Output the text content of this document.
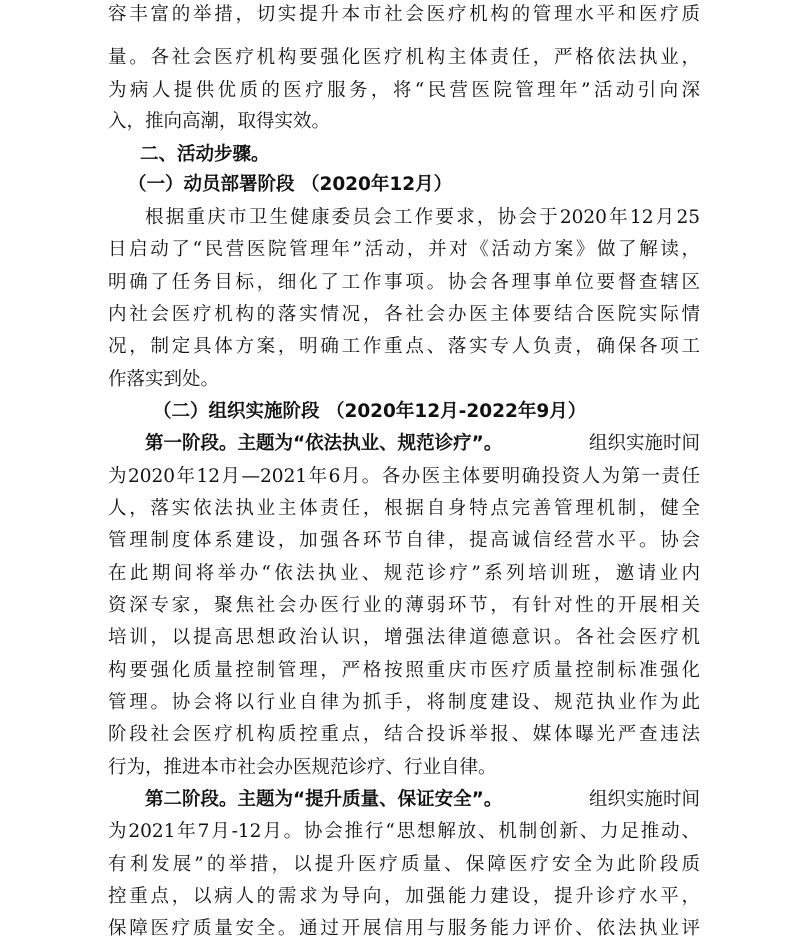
容丰富的举措，切实提升本市社会医疗机构的管理水平和医疗质
量。各社会医疗机构要强化医疗机构主体责任，严格依法执业，
为病人提供优质的医疗服务，将“民营医院管理年”活动引向深
入，推向高潮，取得实效。
二、活动步骤。
（一）动员部署阶段 （2020年12月）
根据重庆市卫生健康委员会工作要求，协会于2020年12月25
日启动了“民营医院管理年”活动，并对《活动方案》做了解读，
明确了任务目标，细化了工作事项。协会各理事单位要督查辖区
内社会医疗机构的落实情况，各社会办医主体要结合医院实际情
况，制定具体方案，明确工作重点、落实专人负责，确保各项工
作落实到处。
（二）组织实施阶段 （2020年12月-2022年9月）
第一阶段。主题为“依法执业、规范诊疗”。	组织实施时间
为2020年12月—2021年6月。各办医主体要明确投资人为第一责任
人，落实依法执业主体责任，根据自身特点完善管理机制，健全
管理制度体系建设，加强各环节自律，提高诚信经营水平。协会
在此期间将举办“依法执业、规范诊疗”系列培训班，邀请业内
资深专家，聚焦社会办医行业的薄弱环节，有针对性的开展相关
培训，以提高思想政治认识，增强法律道德意识。各社会医疗机
构要强化质量控制管理，严格按照重庆市医疗质量控制标准强化
管理。协会将以行业自律为抓手，将制度建设、规范执业作为此
阶段社会医疗机构质控重点，结合投诉举报、媒体曝光严查违法
行为，推进本市社会办医规范诊疗、行业自律。
第二阶段。主题为“提升质量、保证安全”。	组织实施时间
为2021年7月-12月。协会推行“思想解放、机制创新、力足推动、
有利发展”的举措，以提升医疗质量、保障医疗安全为此阶段质
控重点，以病人的需求为导向，加强能力建设，提升诊疗水平，
保障医疗质量安全。通过开展信用与服务能力评价、依法执业评
